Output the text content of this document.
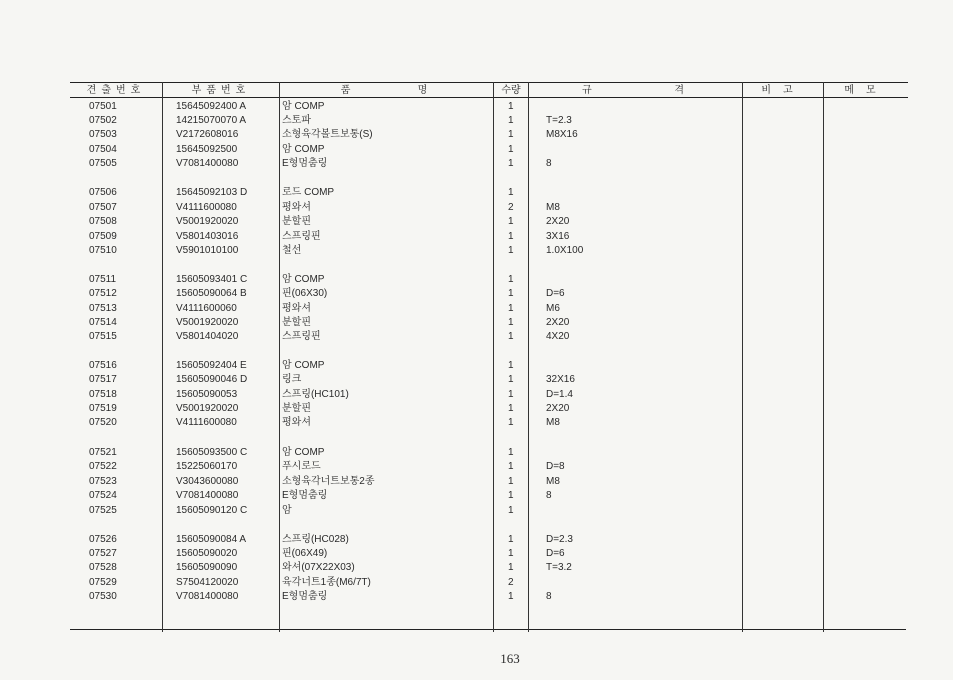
견출번호	부품번호	품        명	수량	규          격	비고	메모
07501	15645092400 A	암 COMP	1
07502	14215070070 A	스토파	1	T=2.3
07503	V2172608016	소형육각볼트보통(S)	1	M8X16
07504	15645092500	암 COMP	1
07505	V7081400080	E형멈춤링	1	8
07506	15645092103 D	로드 COMP	1
07507	V4111600080	평와셔	2	M8
07508	V5001920020	분할핀	1	2X20
07509	V5801403016	스프링핀	1	3X16
07510	V5901010100	철선	1	1.0X100
07511	15605093401 C	암 COMP	1
07512	15605090064 B	핀(06X30)	1	D=6
07513	V4111600060	평와셔	1	M6
07514	V5001920020	분할핀	1	2X20
07515	V5801404020	스프링핀	1	4X20
07516	15605092404 E	암 COMP	1
07517	15605090046 D	링크	1	32X16
07518	15605090053	스프링(HC101)	1	D=1.4
07519	V5001920020	분할핀	1	2X20
07520	V4111600080	평와셔	1	M8
07521	15605093500 C	암 COMP	1
07522	15225060170	푸시로드	1	D=8
07523	V3043600080	소형육각너트보통2종	1	M8
07524	V7081400080	E형멈춤링	1	8
07525	15605090120 C	암	1
07526	15605090084 A	스프링(HC028)	1	D=2.3
07527	15605090020	핀(06X49)	1	D=6
07528	15605090090	와셔(07X22X03)	1	T=3.2
07529	S7504120020	육각너트1종(M6/7T)	2
07530	V7081400080	E형멈춤링	1	8
163
